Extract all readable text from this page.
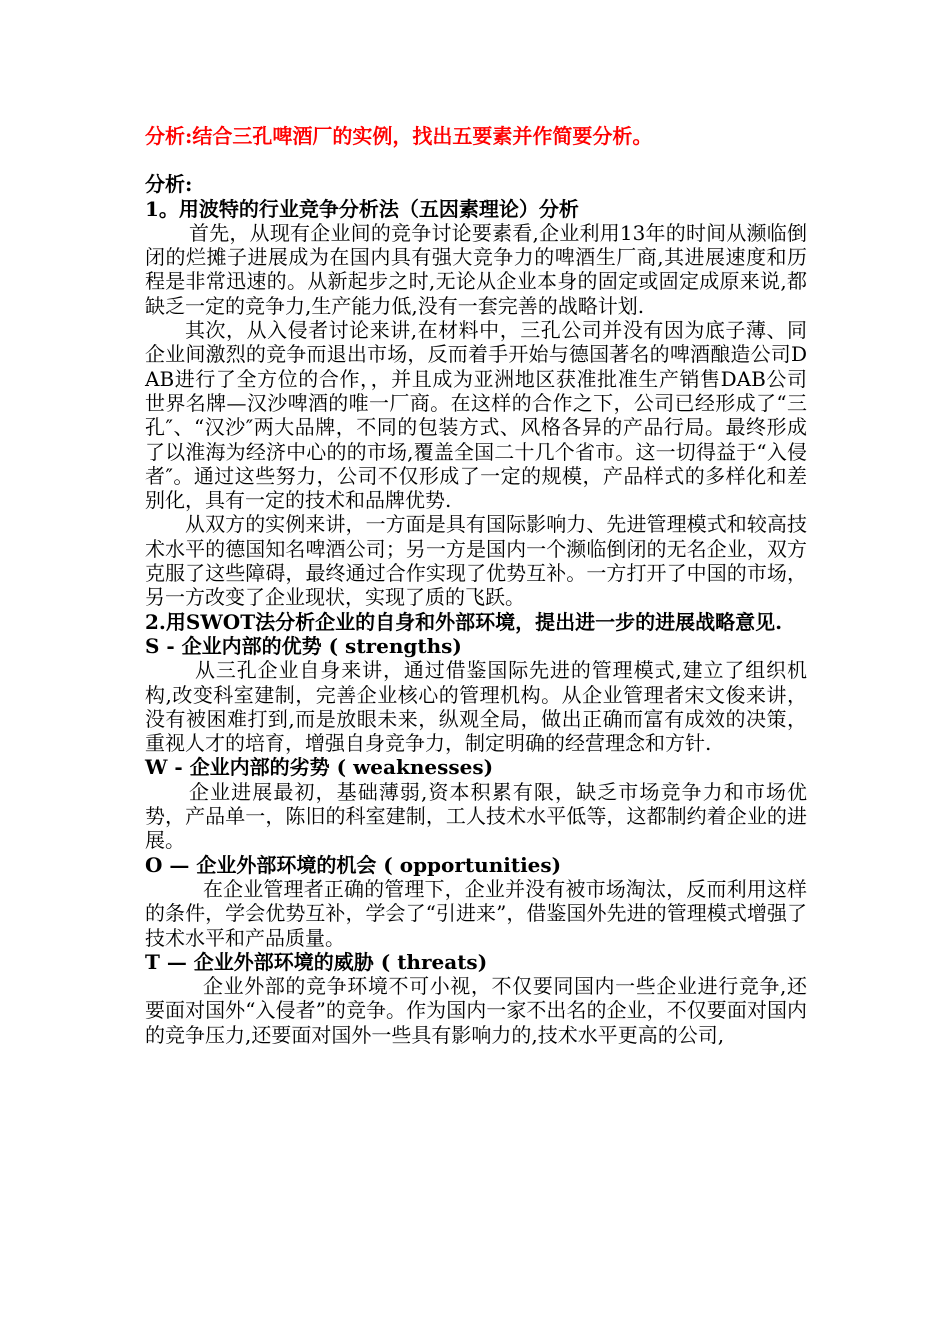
分析:结合三孔啤酒厂的实例，找出五要素并作简要分析。

分析:

1。用波特的行业竞争分析法（五因素理论）分析

首先，从现有企业间的竞争讨论要素看,企业利用13年的时间从濒临倒闭的烂摊子进展成为在国内具有强大竞争力的啤酒生厂商,其进展速度和历程是非常迅速的。从新起步之时,无论从企业本身的固定或固定成原来说,都缺乏一定的竞争力,生产能力低,没有一套完善的战略计划.

其次，从入侵者讨论来讲,在材料中，三孔公司并没有因为底子薄、同企业间激烈的竞争而退出市场，反而着手开始与德国著名的啤酒酿造公司DAB进行了全方位的合作，，并且成为亚洲地区获准批准生产销售DAB公司世界名牌—汉沙啤酒的唯一厂商。在这样的合作之下，公司已经形成了“三孔″、“汉沙″两大品牌，不同的包装方式、风格各异的产品行局。最终形成了以淮海为经济中心的的市场,覆盖全国二十几个省市。这一切得益于“入侵者″。通过这些努力，公司不仅形成了一定的规模，产品样式的多样化和差别化，具有一定的技术和品牌优势.

从双方的实例来讲，一方面是具有国际影响力、先进管理模式和较高技术水平的德国知名啤酒公司；另一方是国内一个濒临倒闭的无名企业，双方克服了这些障碍，最终通过合作实现了优势互补。一方打开了中国的市场，另一方改变了企业现状，实现了质的飞跃。

2.用SWOT法分析企业的自身和外部环境，提出进一步的进展战略意见.

S - 企业内部的优势 ( strengths)

从三孔企业自身来讲，通过借鉴国际先进的管理模式,建立了组织机构,改变科室建制，完善企业核心的管理机构。从企业管理者宋文俊来讲，没有被困难打到,而是放眼未来，纵观全局，做出正确而富有成效的决策，重视人才的培育，增强自身竞争力，制定明确的经营理念和方针.

W - 企业内部的劣势 ( weaknesses)

企业进展最初，基础薄弱,资本积累有限，缺乏市场竞争力和市场优势，产品单一，陈旧的科室建制，工人技术水平低等，这都制约着企业的进展。

O — 企业外部环境的机会 ( opportunities)

在企业管理者正确的管理下，企业并没有被市场淘汰，反而利用这样的条件，学会优势互补，学会了“引进来”，借鉴国外先进的管理模式增强了技术水平和产品质量。

T — 企业外部环境的威胁 ( threats)

企业外部的竞争环境不可小视，不仅要同国内一些企业进行竞争,还要面对国外“入侵者”的竞争。作为国内一家不出名的企业，不仅要面对国内的竞争压力,还要面对国外一些具有影响力的,技术水平更高的公司,
